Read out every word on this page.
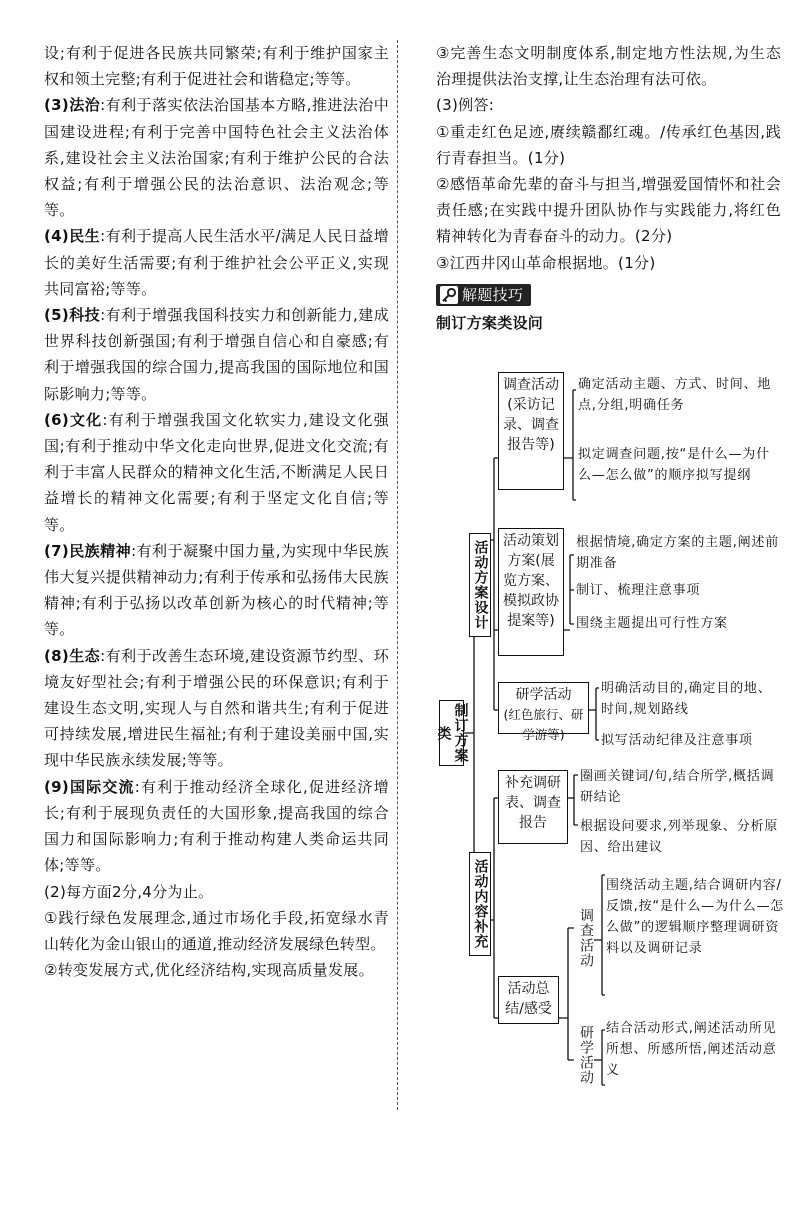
设;有利于促进各民族共同繁荣;有利于维护国家主权和领土完整;有利于促进社会和谐稳定;等等。

(3)法治:有利于落实依法治国基本方略,推进法治中国建设进程;有利于完善中国特色社会主义法治体系,建设社会主义法治国家;有利于维护公民的合法权益;有利于增强公民的法治意识、法治观念;等等。

(4)民生:有利于提高人民生活水平/满足人民日益增长的美好生活需要;有利于维护社会公平正义,实现共同富裕;等等。

(5)科技:有利于增强我国科技实力和创新能力,建成世界科技创新强国;有利于增强自信心和自豪感;有利于增强我国的综合国力,提高我国的国际地位和国际影响力;等等。

(6)文化:有利于增强我国文化软实力,建设文化强国;有利于推动中华文化走向世界,促进文化交流;有利于丰富人民群众的精神文化生活,不断满足人民日益增长的精神文化需要;有利于坚定文化自信;等等。

(7)民族精神:有利于凝聚中国力量,为实现中华民族伟大复兴提供精神动力;有利于传承和弘扬伟大民族精神;有利于弘扬以改革创新为核心的时代精神;等等。

(8)生态:有利于改善生态环境,建设资源节约型、环境友好型社会;有利于增强公民的环保意识;有利于建设生态文明,实现人与自然和谐共生;有利于促进可持续发展,增进民生福祉;有利于建设美丽中国,实现中华民族永续发展;等等。

(9)国际交流:有利于推动经济全球化,促进经济增长;有利于展现负责任的大国形象,提高我国的综合国力和国际影响力;有利于推动构建人类命运共同体;等等。

(2)每方面2分,4分为止。

①践行绿色发展理念,通过市场化手段,拓宽绿水青山转化为金山银山的通道,推动经济发展绿色转型。

②转变发展方式,优化经济结构,实现高质量发展。

③完善生态文明制度体系,制定地方性法规,为生态治理提供法治支撑,让生态治理有法可依。

(3)例答:

①重走红色足迹,赓续赣鄱红魂。/传承红色基因,践行青春担当。(1分)

②感悟革命先辈的奋斗与担当,增强爱国情怀和社会责任感;在实践中提升团队协作与实践能力,将红色精神转化为青春奋斗的动力。(2分)

③江西井冈山革命根据地。(1分)

解题技巧
制订方案类设问
制订方案类
活动方案设计
活动内容补充
调查活动(采访记录、调查报告等)
确定活动主题、方式、时间、地点,分组,明确任务
拟定调查问题,按“是什么—为什么—怎么做”的顺序拟写提纲
活动策划方案(展览方案、模拟政协提案等)
根据情境,确定方案的主题,阐述前期准备
制订、梳理注意事项
围绕主题提出可行性方案
研学活动
(红色旅行、研学游等)
明确活动目的,确定目的地、时间,规划路线
拟写活动纪律及注意事项
补充调研表、调查报告
圈画关键词/句,结合所学,概括调研结论
根据设问要求,列举现象、分析原因、给出建议
活动总结/感受
调查活动
围绕活动主题,结合调研内容/反馈,按“是什么—为什么—怎么做”的逻辑顺序整理调研资料以及调研记录
研学活动 结合活动形式,阐述活动所见所想、所感所悟,阐述活动意义
